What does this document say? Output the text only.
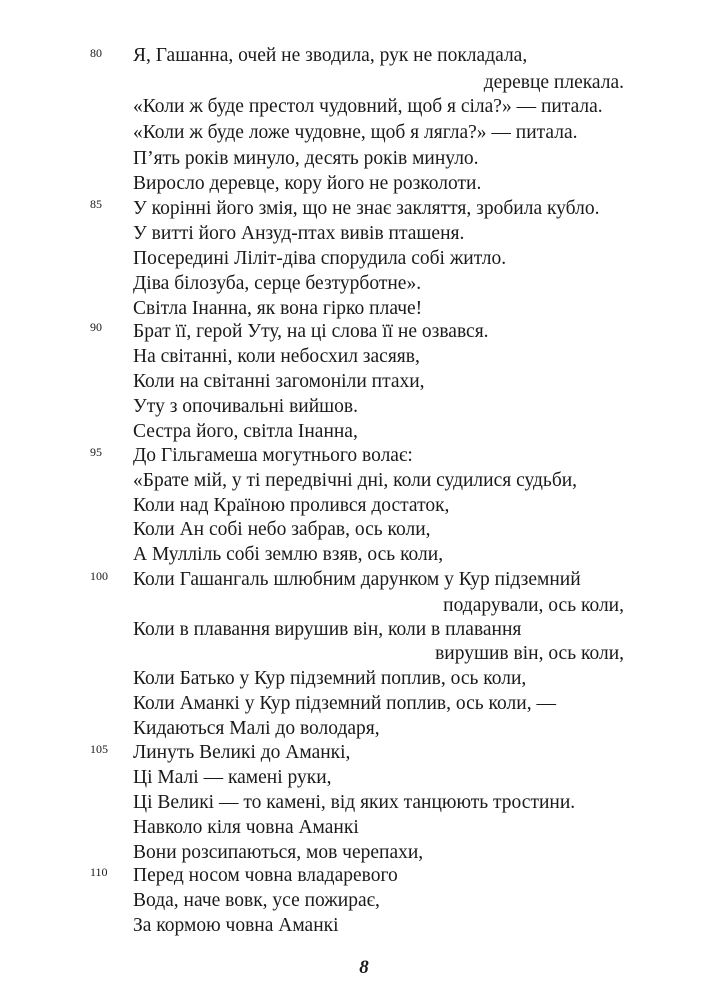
80 Я, Гашанна, очей не зводила, рук не покладала,
деревце плекала.
«Коли ж буде престол чудовний, щоб я сіла?» — питала.
«Коли ж буде ложе чудовне, щоб я лягла?» — питала.
П’ять років минуло, десять років минуло.
Виросло деревце, кору його не розколоти.
85 У корінні його змія, що не знає закляття, зробила кубло.
У витті його Анзуд-птах вивів пташеня.
Посередині Ліліт-діва спорудила собі житло.
Діва білозуба, серце безтурботне».
Світла Інанна, як вона гірко плаче!
90 Брат її, герой Уту, на ці слова її не озвався.
На світанні, коли небосхил засяяв,
Коли на світанні загомоніли птахи,
Уту з опочивальні вийшов.
Сестра його, світла Інанна,
95 До Гільгамеша могутнього волає:
«Брате мій, у ті передвічні дні, коли судилися судьби,
Коли над Країною пролився достаток,
Коли Ан собі небо забрав, ось коли,
А Мулліль собі землю взяв, ось коли,
100 Коли Гашангаль шлюбним дарунком у Кур підземний
подарували, ось коли,
Коли в плавання вирушив він, коли в плавання
вирушив він, ось коли,
Коли Батько у Кур підземний поплив, ось коли,
Коли Аманкі у Кур підземний поплив, ось коли, —
Кидаються Малі до володаря,
105 Линуть Великі до Аманкі,
Ці Малі — камені руки,
Ці Великі — то камені, від яких танцюють тростини.
Навколо кіля човна Аманкі
Вони розсипаються, мов черепахи,
110 Перед носом човна владаревого
Вода, наче вовк, усе пожирає,
За кормою човна Аманкі
8
